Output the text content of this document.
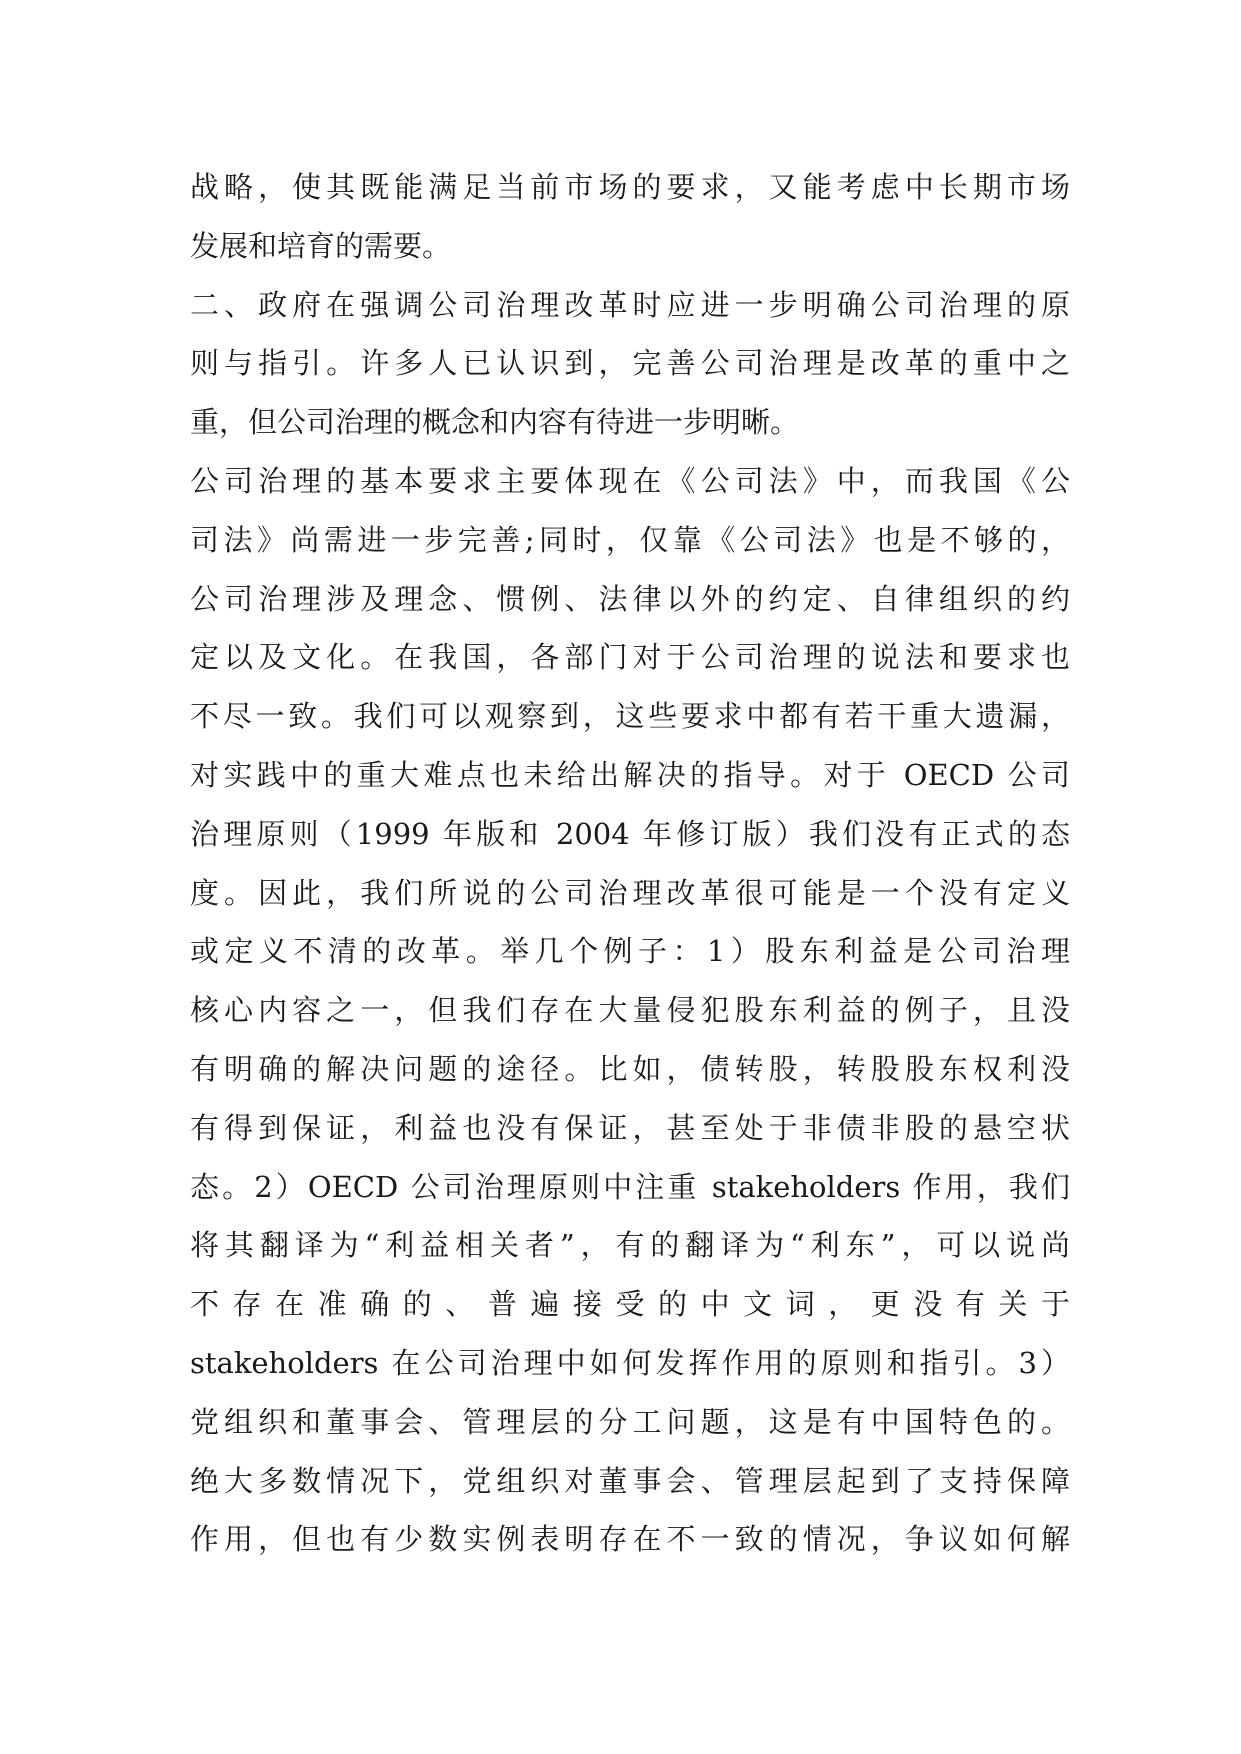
战略，使其既能满足当前市场的要求，又能考虑中长期市场
发展和培育的需要。
二、政府在强调公司治理改革时应进一步明确公司治理的原
则与指引。许多人已认识到，完善公司治理是改革的重中之
重，但公司治理的概念和内容有待进一步明晰。
公司治理的基本要求主要体现在《公司法》中，而我国《公
司法》尚需进一步完善;同时，仅靠《公司法》也是不够的，
公司治理涉及理念、惯例、法律以外的约定、自律组织的约
定以及文化。在我国，各部门对于公司治理的说法和要求也
不尽一致。我们可以观察到，这些要求中都有若干重大遗漏，
对实践中的重大难点也未给出解决的指导。对于 OECD 公司
治理原则（1999 年版和 2004 年修订版）我们没有正式的态
度。因此，我们所说的公司治理改革很可能是一个没有定义
或定义不清的改革。举几个例子：1）股东利益是公司治理
核心内容之一，但我们存在大量侵犯股东利益的例子，且没
有明确的解决问题的途径。比如，债转股，转股股东权利没
有得到保证，利益也没有保证，甚至处于非债非股的悬空状
态。2）OECD 公司治理原则中注重 stakeholders 作用，我们
将其翻译为“利益相关者”，有的翻译为“利东”，可以说尚
不存在准确的、普遍接受的中文词，更没有关于
stakeholders 在公司治理中如何发挥作用的原则和指引。3）
党组织和董事会、管理层的分工问题，这是有中国特色的。
绝大多数情况下，党组织对董事会、管理层起到了支持保障
作用，但也有少数实例表明存在不一致的情况，争议如何解
